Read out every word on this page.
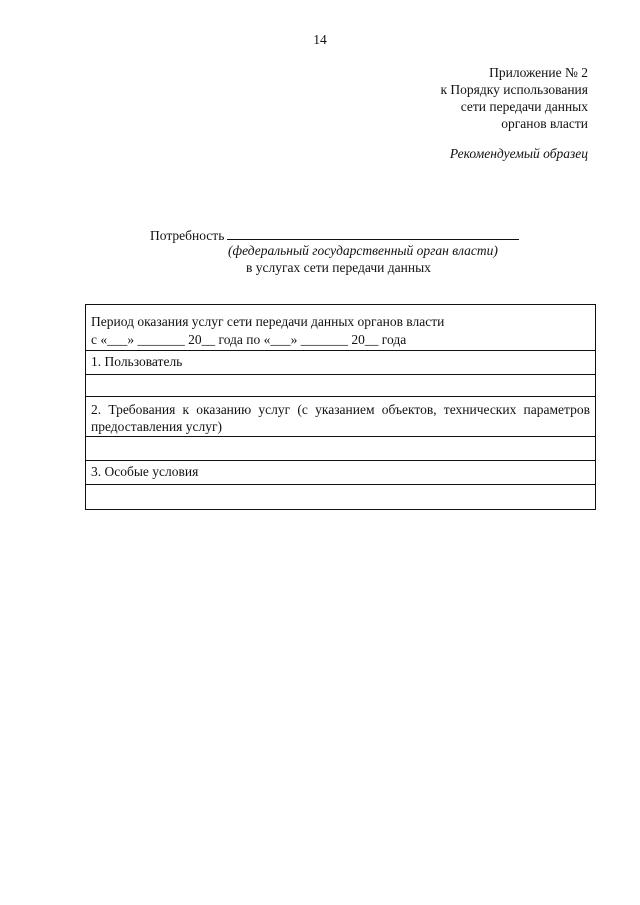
14
Приложение № 2
к Порядку использования
сети передачи данных
органов власти
Рекомендуемый образец
Потребность
(федеральный государственный орган власти)
в услугах сети передачи данных
Период оказания услуг сети передачи данных органов власти
с «___» _______ 20__ года по «___» _______ 20__ года
1. Пользователь
2. Требования к оказанию услуг (с указанием объектов, технических параметров предоставления услуг)
3. Особые условия
